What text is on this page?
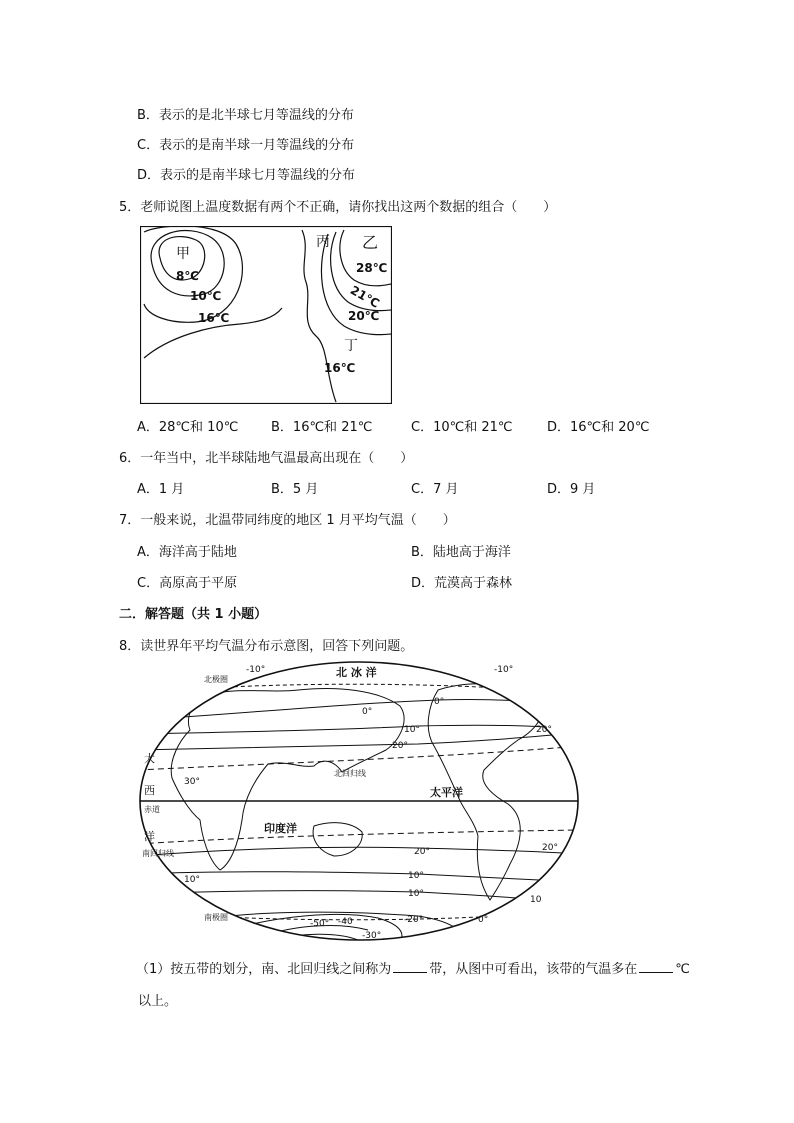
B．表示的是北半球七月等温线的分布
C．表示的是南半球一月等温线的分布
D．表示的是南半球七月等温线的分布
5．老师说图上温度数据有两个不正确，请你找出这两个数据的组合（　　）
甲
8℃
10℃
16℃
丙 乙
28℃
21℃
20℃
丁
16℃
A．28℃和 10℃	B．16℃和 21℃	C．10℃和 21℃	D．16℃和 20℃
6．一年当中，北半球陆地气温最高出现在（　　）
A．1 月	B．5 月	C．7 月	D．9 月
7．一般来说，北温带同纬度的地区 1 月平均气温（　　）
A．海洋高于陆地	B．陆地高于海洋
C．高原高于平原	D．荒漠高于森林
二．解答题（共 1 小题）
8．读世界年平均气温分布示意图，回答下列问题。
北 冰 洋
北极圈
-10°	-10°
0°
0°
10°
20°
20°
30°
大
西
赤道
洋
南回归线
北回归线
太平洋
印度洋
20°	20°
10°
10°
10°
10
0°
南极圈	-20°
-30°
-40
-50°
（1）按五带的划分，南、北回归线之间称为	带，从图中可看出，该带的气温多在	℃
以上。
